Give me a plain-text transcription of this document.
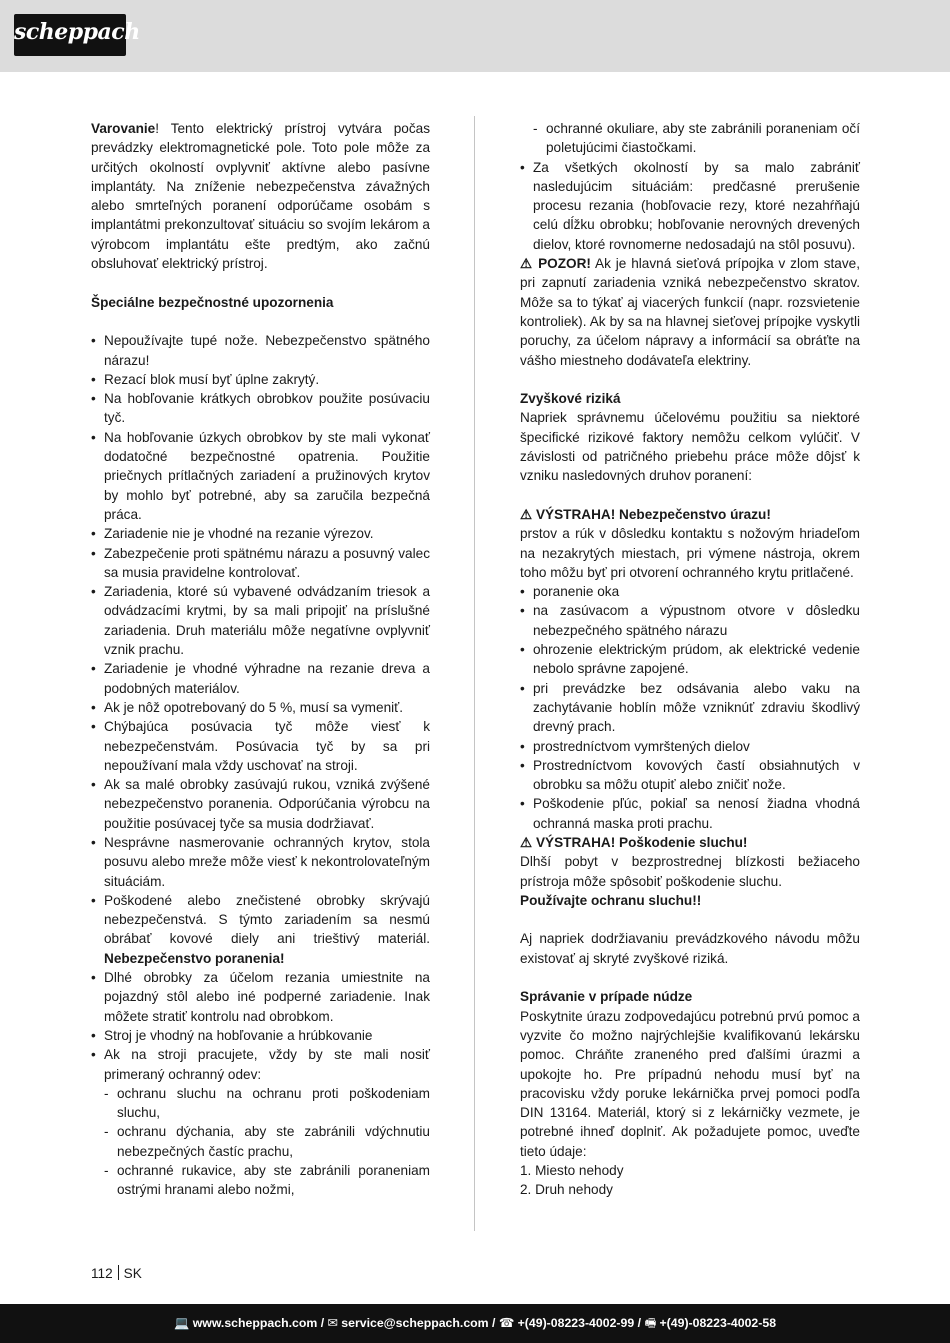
scheppach

Varovanie! Tento elektrický prístroj vytvára počas prevádzky elektromagnetické pole. Toto pole môže za určitých okolností ovplyvniť aktívne alebo pasívne implantáty. Na zníženie nebezpečenstva závažných alebo smrteľných poranení odporúčame osobám s implantátmi prekonzultovať situáciu so svojím lekárom a výrobcom implantátu ešte predtým, ako začnú obsluhovať elektrický prístroj.

Špeciálne bezpečnostné upozornenia

• Nepoužívajte tupé nože. Nebezpečenstvo spätného nárazu!
• Rezací blok musí byť úplne zakrytý.
• Na hobľovanie krátkych obrobkov použite posúvaciu tyč.
• Na hobľovanie úzkych obrobkov by ste mali vykonať dodatočné bezpečnostné opatrenia. Použitie priečnych prítlačných zariadení a pružinových krytov by mohlo byť potrebné, aby sa zaručila bezpečná práca.
• Zariadenie nie je vhodné na rezanie výrezov.
• Zabezpečenie proti spätnému nárazu a posuvný valec sa musia pravidelne kontrolovať.
• Zariadenia, ktoré sú vybavené odvádzaním triesok a odvádzacími krytmi, by sa mali pripojiť na príslušné zariadenia. Druh materiálu môže negatívne ovplyvniť vznik prachu.
• Zariadenie je vhodné výhradne na rezanie dreva a podobných materiálov.
• Ak je nôž opotrebovaný do 5 %, musí sa vymeniť.
• Chýbajúca posúvacia tyč môže viesť k nebezpečenstvám. Posúvacia tyč by sa pri nepoužívaní mala vždy uschovať na stroji.
• Ak sa malé obrobky zasúvajú rukou, vzniká zvýšené nebezpečenstvo poranenia. Odporúčania výrobcu na použitie posúvacej tyče sa musia dodržiavať.
• Nesprávne nasmerovanie ochranných krytov, stola posuvu alebo mreže môže viesť k nekontrolovateľným situáciám.
• Poškodené alebo znečistené obrobky skrývajú nebezpečenstvá. S týmto zariadením sa nesmú obrábať kovové diely ani trieštivý materiál. Nebezpečenstvo poranenia!
• Dlhé obrobky za účelom rezania umiestnite na pojazdný stôl alebo iné podperné zariadenie. Inak môžete stratiť kontrolu nad obrobkom.
• Stroj je vhodný na hobľovanie a hrúbkovanie
• Ak na stroji pracujete, vždy by ste mali nosiť primeraný ochranný odev:
- ochranu sluchu na ochranu proti poškodeniam sluchu,
- ochranu dýchania, aby ste zabránili vdýchnutiu nebezpečných častíc prachu,
- ochranné rukavice, aby ste zabránili poraneniam ostrými hranami alebo nožmi,
- ochranné okuliare, aby ste zabránili poraneniam očí poletujúcimi čiastočkami.
• Za všetkých okolností by sa malo zabrániť nasledujúcim situáciám: predčasné prerušenie procesu rezania (hobľovacie rezy, ktoré nezahŕňajú celú dĺžku obrobku; hobľovanie nerovných drevených dielov, ktoré rovnomerne nedosadajú na stôl posuvu).

⚠ POZOR! Ak je hlavná sieťová prípojka v zlom stave, pri zapnutí zariadenia vzniká nebezpečenstvo skratov. Môže sa to týkať aj viacerých funkcií (napr. rozsvietenie kontroliek). Ak by sa na hlavnej sieťovej prípojke vyskytli poruchy, za účelom nápravy a informácií sa obráťte na vášho miestneho dodávateľa elektriny.

Zvyškové riziká

Napriek správnemu účelovému použitiu sa niektoré špecifické rizikové faktory nemôžu celkom vylúčiť. V závislosti od patričného priebehu práce môže dôjsť k vzniku nasledovných druhov poranení:

⚠ VÝSTRAHA! Nebezpečenstvo úrazu!

prstov a rúk v dôsledku kontaktu s nožovým hriadeľom na nezakrytých miestach, pri výmene nástroja, okrem toho môžu byť pri otvorení ochranného krytu pritlačené.

• poranenie oka
• na zasúvacom a výpustnom otvore v dôsledku nebezpečného spätného nárazu
• ohrozenie elektrickým prúdom, ak elektrické vedenie nebolo správne zapojené.
• pri prevádzke bez odsávania alebo vaku na zachytávanie hoblín môže vzniknúť zdraviu škodlivý drevný prach.
• prostredníctvom vymrštených dielov
• Prostredníctvom kovových častí obsiahnutých v obrobku sa môžu otupiť alebo zničiť nože.
• Poškodenie pľúc, pokiaľ sa nenosí žiadna vhodná ochranná maska proti prachu.

⚠ VÝSTRAHA! Poškodenie sluchu!

Dlhší pobyt v bezprostrednej blízkosti bežiaceho prístroja môže spôsobiť poškodenie sluchu.

Používajte ochranu sluchu!!

Aj napriek dodržiavaniu prevádzkového návodu môžu existovať aj skryté zvyškové riziká.

Správanie v prípade núdze

Poskytnite úrazu zodpovedajúcu potrebnú prvú pomoc a vyzvite čo možno najrýchlejšie kvalifikovanú lekársku pomoc. Chráňte zraneného pred ďalšími úrazmi a upokojte ho. Pre prípadnú nehodu musí byť na pracovisku vždy poruke lekárnička prvej pomoci podľa DIN 13164. Materiál, ktorý si z lekárničky vezmete, je potrebné ihneď doplniť. Ak požadujete pomoc, uveďte tieto údaje:

1. Miesto nehody

2. Druh nehody

112 SK
💻 www.scheppach.com / ✉ service@scheppach.com / ☎ +(49)-08223-4002-99 / 🖷 +(49)-08223-4002-58
